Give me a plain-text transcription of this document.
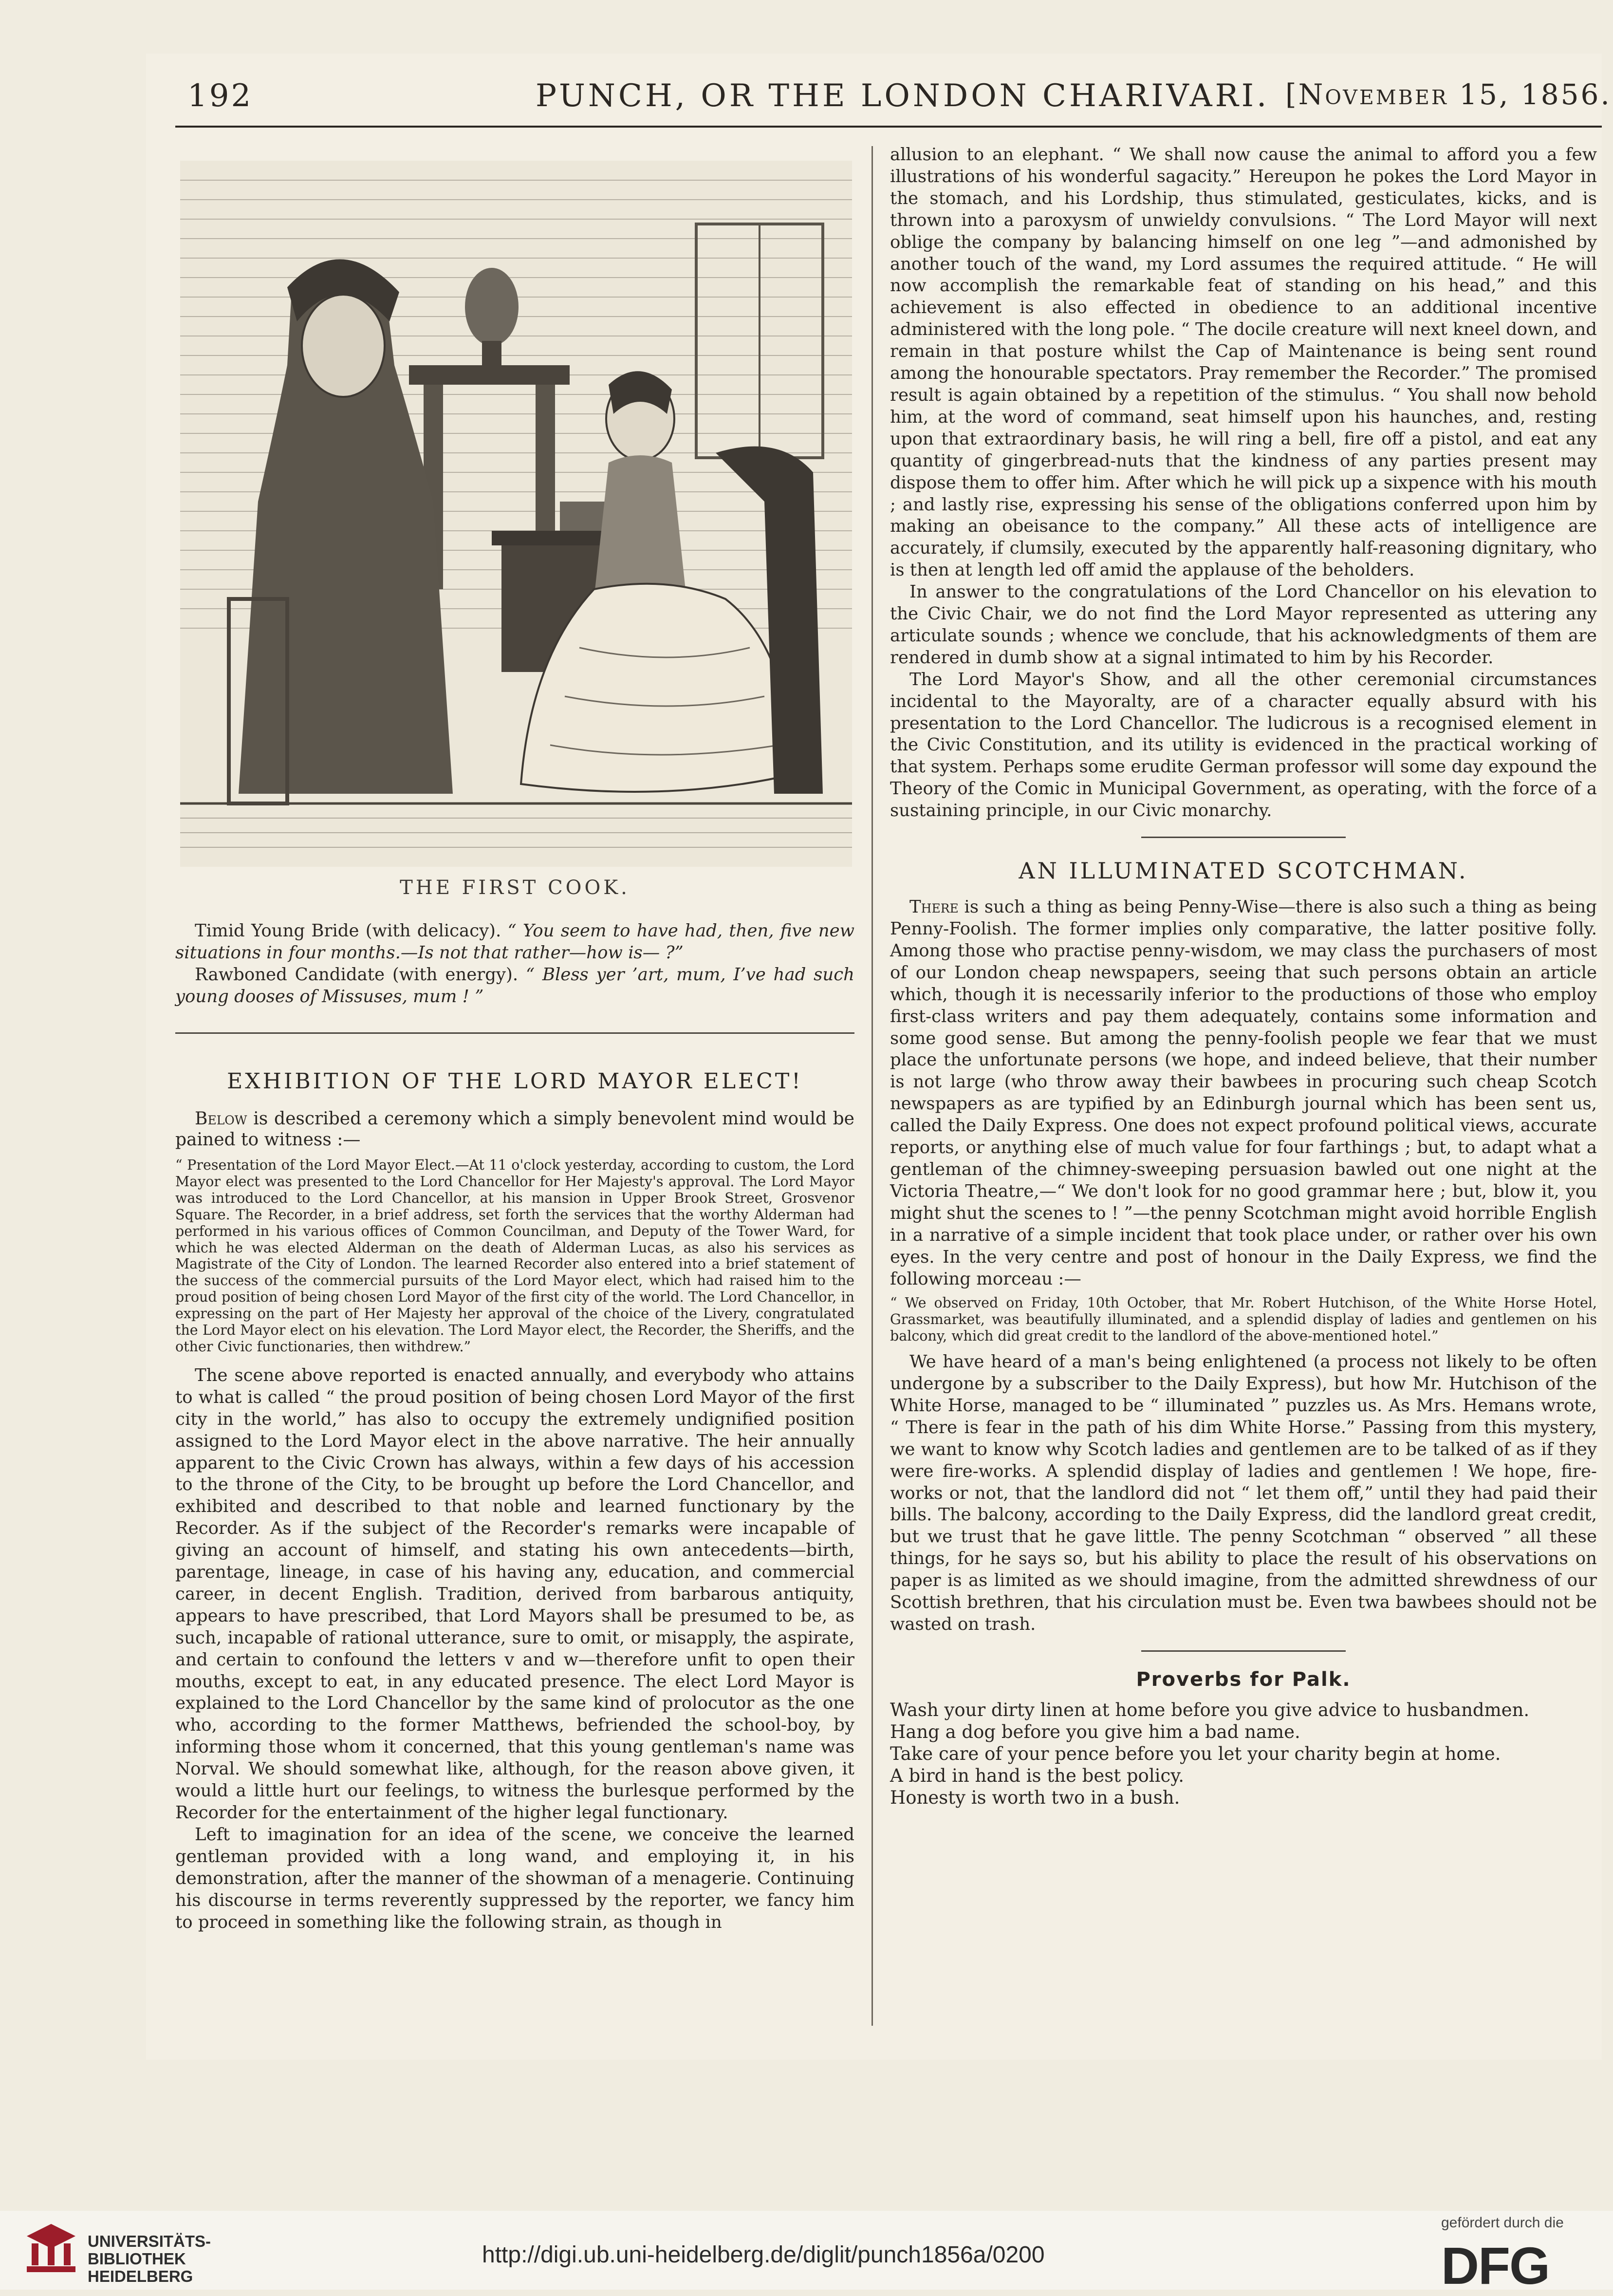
192	PUNCH, OR THE LONDON CHARIVARI. [November 15, 1856.
THE FIRST COOK.

Timid Young Bride (with delicacy). “ You seem to have had, then, five new situations in four months.—Is not that rather—how is— ?”

Rawboned Candidate (with energy). “ Bless yer ’art, mum, I’ve had such young dooses of Missuses, mum ! ”

EXHIBITION OF THE LORD MAYOR ELECT!

Below is described a ceremony which a simply benevolent mind would be pained to witness :—

“ Presentation of the Lord Mayor Elect.—At 11 o'clock yesterday, according to custom, the Lord Mayor elect was presented to the Lord Chancellor for Her Majesty's approval. The Lord Mayor was introduced to the Lord Chancellor, at his mansion in Upper Brook Street, Grosvenor Square. The Recorder, in a brief address, set forth the services that the worthy Alderman had performed in his various offices of Common Councilman, and Deputy of the Tower Ward, for which he was elected Alderman on the death of Alderman Lucas, as also his services as Magistrate of the City of London. The learned Recorder also entered into a brief statement of the success of the commercial pursuits of the Lord Mayor elect, which had raised him to the proud position of being chosen Lord Mayor of the first city of the world. The Lord Chancellor, in expressing on the part of Her Majesty her approval of the choice of the Livery, congratulated the Lord Mayor elect on his elevation. The Lord Mayor elect, the Recorder, the Sheriffs, and the other Civic functionaries, then withdrew.”

The scene above reported is enacted annually, and everybody who attains to what is called “ the proud position of being chosen Lord Mayor of the first city in the world,” has also to occupy the extremely undignified position assigned to the Lord Mayor elect in the above narrative. The heir annually apparent to the Civic Crown has always, within a few days of his accession to the throne of the City, to be brought up before the Lord Chancellor, and exhibited and described to that noble and learned functionary by the Recorder. As if the subject of the Recorder's remarks were incapable of giving an account of himself, and stating his own antecedents—birth, parentage, lineage, in case of his having any, education, and commercial career, in decent English. Tradition, derived from barbarous antiquity, appears to have prescribed, that Lord Mayors shall be presumed to be, as such, incapable of rational utterance, sure to omit, or misapply, the aspirate, and certain to confound the letters v and w—therefore unfit to open their mouths, except to eat, in any educated presence. The elect Lord Mayor is explained to the Lord Chancellor by the same kind of prolocutor as the one who, according to the former Matthews, befriended the school-boy, by informing those whom it concerned, that this young gentleman's name was Norval. We should somewhat like, although, for the reason above given, it would a little hurt our feelings, to witness the burlesque performed by the Recorder for the entertainment of the higher legal functionary.

Left to imagination for an idea of the scene, we conceive the learned gentleman provided with a long wand, and employing it, in his demonstration, after the manner of the showman of a menagerie. Continuing his discourse in terms reverently suppressed by the reporter, we fancy him to proceed in something like the following strain, as though in

allusion to an elephant. “ We shall now cause the animal to afford you a few illustrations of his wonderful sagacity.” Hereupon he pokes the Lord Mayor in the stomach, and his Lordship, thus stimulated, gesticulates, kicks, and is thrown into a paroxysm of unwieldy convulsions. “ The Lord Mayor will next oblige the company by balancing himself on one leg ”—and admonished by another touch of the wand, my Lord assumes the required attitude. “ He will now accomplish the remarkable feat of standing on his head,” and this achievement is also effected in obedience to an additional incentive administered with the long pole. “ The docile creature will next kneel down, and remain in that posture whilst the Cap of Maintenance is being sent round among the honourable spectators. Pray remember the Recorder.” The promised result is again obtained by a repetition of the stimulus. “ You shall now behold him, at the word of command, seat himself upon his haunches, and, resting upon that extraordinary basis, he will ring a bell, fire off a pistol, and eat any quantity of gingerbread-nuts that the kindness of any parties present may dispose them to offer him. After which he will pick up a sixpence with his mouth ; and lastly rise, expressing his sense of the obligations conferred upon him by making an obeisance to the company.” All these acts of intelligence are accurately, if clumsily, executed by the apparently half-reasoning dignitary, who is then at length led off amid the applause of the beholders.

In answer to the congratulations of the Lord Chancellor on his elevation to the Civic Chair, we do not find the Lord Mayor represented as uttering any articulate sounds ; whence we conclude, that his acknowledgments of them are rendered in dumb show at a signal intimated to him by his Recorder.

The Lord Mayor's Show, and all the other ceremonial circumstances incidental to the Mayoralty, are of a character equally absurd with his presentation to the Lord Chancellor. The ludicrous is a recognised element in the Civic Constitution, and its utility is evidenced in the practical working of that system. Perhaps some erudite German professor will some day expound the Theory of the Comic in Municipal Government, as operating, with the force of a sustaining principle, in our Civic monarchy.

AN ILLUMINATED SCOTCHMAN.

There is such a thing as being Penny-Wise—there is also such a thing as being Penny-Foolish. The former implies only comparative, the latter positive folly. Among those who practise penny-wisdom, we may class the purchasers of most of our London cheap newspapers, seeing that such persons obtain an article which, though it is necessarily inferior to the productions of those who employ first-class writers and pay them adequately, contains some information and some good sense. But among the penny-foolish people we fear that we must place the unfortunate persons (we hope, and indeed believe, that their number is not large (who throw away their bawbees in procuring such cheap Scotch newspapers as are typified by an Edinburgh journal which has been sent us, called the Daily Express. One does not expect profound political views, accurate reports, or anything else of much value for four farthings ; but, to adapt what a gentleman of the chimney-sweeping persuasion bawled out one night at the Victoria Theatre,—“ We don't look for no good grammar here ; but, blow it, you might shut the scenes to ! ”—the penny Scotchman might avoid horrible English in a narrative of a simple incident that took place under, or rather over his own eyes. In the very centre and post of honour in the Daily Express, we find the following morceau :—

“ We observed on Friday, 10th October, that Mr. Robert Hutchison, of the White Horse Hotel, Grassmarket, was beautifully illuminated, and a splendid display of ladies and gentlemen on his balcony, which did great credit to the landlord of the above-mentioned hotel.”

We have heard of a man's being enlightened (a process not likely to be often undergone by a subscriber to the Daily Express), but how Mr. Hutchison of the White Horse, managed to be “ illuminated ” puzzles us. As Mrs. Hemans wrote, “ There is fear in the path of his dim White Horse.” Passing from this mystery, we want to know why Scotch ladies and gentlemen are to be talked of as if they were fire-works. A splendid display of ladies and gentlemen ! We hope, fire-works or not, that the landlord did not “ let them off,” until they had paid their bills. The balcony, according to the Daily Express, did the landlord great credit, but we trust that he gave little. The penny Scotchman “ observed ” all these things, for he says so, but his ability to place the result of his observations on paper is as limited as we should imagine, from the admitted shrewdness of our Scottish brethren, that his circulation must be. Even twa bawbees should not be wasted on trash.

Proverbs for Palk.
Wash your dirty linen at home before you give advice to husbandmen.
Hang a dog before you give him a bad name.
Take care of your pence before you let your charity begin at home.
A bird in hand is the best policy.
Honesty is worth two in a bush.
UNIVERSITÄTS-
BIBLIOTHEK
HEIDELBERG
http://digi.ub.uni-heidelberg.de/diglit/punch1856a/0200
gefördert durch die
DFG
